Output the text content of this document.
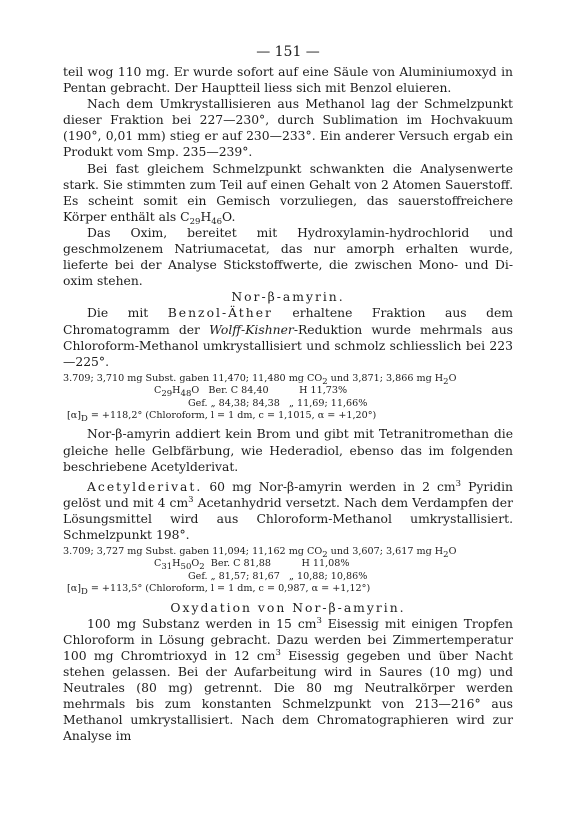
— 151 —

teil wog 110 mg. Er wurde sofort auf eine Säule von Aluminiumoxyd in Pentan gebracht. Der Hauptteil liess sich mit Benzol eluieren.

Nach dem Umkrystallisieren aus Methanol lag der Schmelzpunkt dieser Fraktion bei 227—230°, durch Sublimation im Hochvakuum (190°, 0,01 mm) stieg er auf 230—233°. Ein anderer Versuch ergab ein Produkt vom Smp. 235—239°.

Bei fast gleichem Schmelzpunkt schwankten die Analysenwerte stark. Sie stimmten zum Teil auf einen Gehalt von 2 Atomen Sauerstoff. Es scheint somit ein Gemisch vorzuliegen, das sauerstoffreichere Körper enthält als $C_{29}H_{46}O$.

Das Oxim, bereitet mit Hydroxylamin-hydrochlorid und geschmolzenem Natriumacetat, das nur amorph erhalten wurde, lieferte bei der Analyse Stickstoffwerte, die zwischen Mono- und Di-oxim stehen.

Nor-β-amyrin.

Die mit Benzol-Äther erhaltene Fraktion aus dem Chromatogramm der Wolff-Kishner-Reduktion wurde mehrmals aus Chloroform-Methanol umkrystallisiert und schmolz schliesslich bei 223—225°.

3.709; 3,710 mg Subst. gaben 11,470; 11,480 mg $CO_2$ und 3,871; 3,866 mg $H_2O$
$C_{29}H_{48}O$   Ber. C 84,40          H 11,73%
Gef. „ 84,38; 84,38   „ 11,69; 11,66%
$[\alpha]_D = +118,2^\circ$ (Chloroform, l = 1 dm, c = 1,1015, α = +1,20°)

Nor-β-amyrin addiert kein Brom und gibt mit Tetranitromethan die gleiche helle Gelbfärbung, wie Hederadiol, ebenso das im folgenden beschriebene Acetylderivat.

Acetylderivat. 60 mg Nor-β-amyrin werden in 2 $cm^3$ Pyridin gelöst und mit 4 $cm^3$ Acetanhydrid versetzt. Nach dem Verdampfen der Lösungsmittel wird aus Chloroform-Methanol umkrystallisiert. Schmelzpunkt 198°.

3.709; 3,727 mg Subst. gaben 11,094; 11,162 mg $CO_2$ und 3,607; 3,617 mg $H_2O$
$C_{31}H_{50}O_2$  Ber. C 81,88          H 11,08%
Gef. „ 81,57; 81,67   „ 10,88; 10,86%
$[\alpha]_D = +113,5^\circ$ (Chloroform, l = 1 dm, c = 0,987, α = +1,12°)

Oxydation von Nor-β-amyrin.

100 mg Substanz werden in 15 $cm^3$ Eisessig mit einigen Tropfen Chloroform in Lösung gebracht. Dazu werden bei Zimmertemperatur 100 mg Chromtrioxyd in 12 $cm^3$ Eisessig gegeben und über Nacht stehen gelassen. Bei der Aufarbeitung wird in Saures (10 mg) und Neutrales (80 mg) getrennt. Die 80 mg Neutralkörper werden mehrmals bis zum konstanten Schmelzpunkt von 213—216° aus Methanol umkrystallisiert. Nach dem Chromatographieren wird zur Analyse im
